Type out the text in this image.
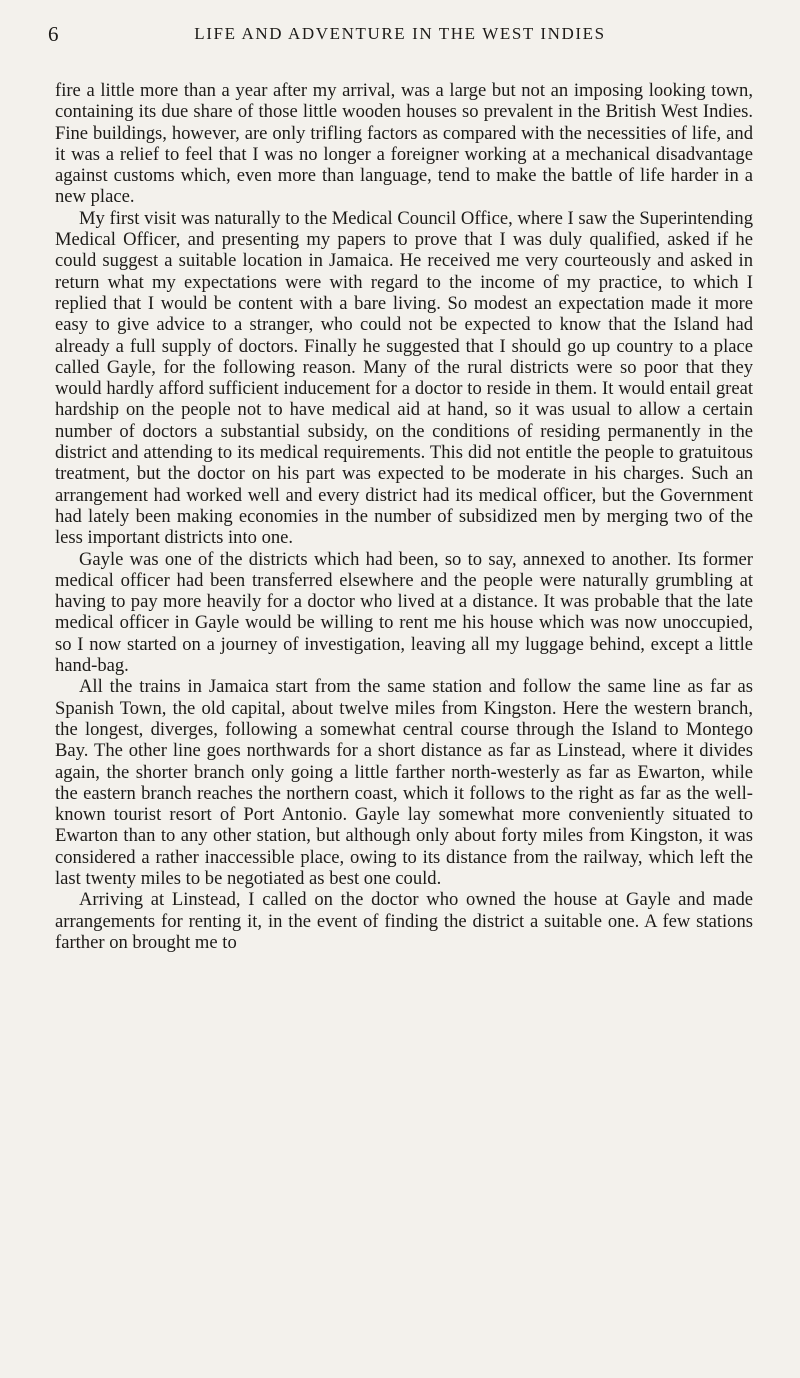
6	LIFE AND ADVENTURE IN THE WEST INDIES

fire a little more than a year after my arrival, was a large but not an imposing looking town, containing its due share of those little wooden houses so prevalent in the British West Indies. Fine buildings, however, are only trifling factors as compared with the necessities of life, and it was a relief to feel that I was no longer a foreigner working at a mechanical disadvantage against customs which, even more than language, tend to make the battle of life harder in a new place.

My first visit was naturally to the Medical Council Office, where I saw the Superintending Medical Officer, and presenting my papers to prove that I was duly qualified, asked if he could suggest a suitable location in Jamaica. He received me very courteously and asked in return what my expectations were with regard to the income of my practice, to which I replied that I would be content with a bare living. So modest an expectation made it more easy to give advice to a stranger, who could not be expected to know that the Island had already a full supply of doctors. Finally he suggested that I should go up country to a place called Gayle, for the following reason. Many of the rural districts were so poor that they would hardly afford sufficient inducement for a doctor to reside in them. It would entail great hardship on the people not to have medical aid at hand, so it was usual to allow a certain number of doctors a substantial subsidy, on the conditions of residing permanently in the district and attending to its medical requirements. This did not entitle the people to gratuitous treatment, but the doctor on his part was expected to be moderate in his charges. Such an arrangement had worked well and every district had its medical officer, but the Government had lately been making economies in the number of subsidized men by merging two of the less important districts into one.

Gayle was one of the districts which had been, so to say, annexed to another. Its former medical officer had been transferred elsewhere and the people were naturally grumbling at having to pay more heavily for a doctor who lived at a distance. It was probable that the late medical officer in Gayle would be willing to rent me his house which was now unoccupied, so I now started on a journey of investigation, leaving all my luggage behind, except a little hand-bag.

All the trains in Jamaica start from the same station and follow the same line as far as Spanish Town, the old capital, about twelve miles from Kingston. Here the western branch, the longest, diverges, following a somewhat central course through the Island to Montego Bay. The other line goes northwards for a short distance as far as Linstead, where it divides again, the shorter branch only going a little farther north-westerly as far as Ewarton, while the eastern branch reaches the northern coast, which it follows to the right as far as the well-known tourist resort of Port Antonio. Gayle lay somewhat more conveniently situated to Ewarton than to any other station, but although only about forty miles from Kingston, it was considered a rather inaccessible place, owing to its distance from the railway, which left the last twenty miles to be negotiated as best one could.

Arriving at Linstead, I called on the doctor who owned the house at Gayle and made arrangements for renting it, in the event of finding the district a suitable one. A few stations farther on brought me to
